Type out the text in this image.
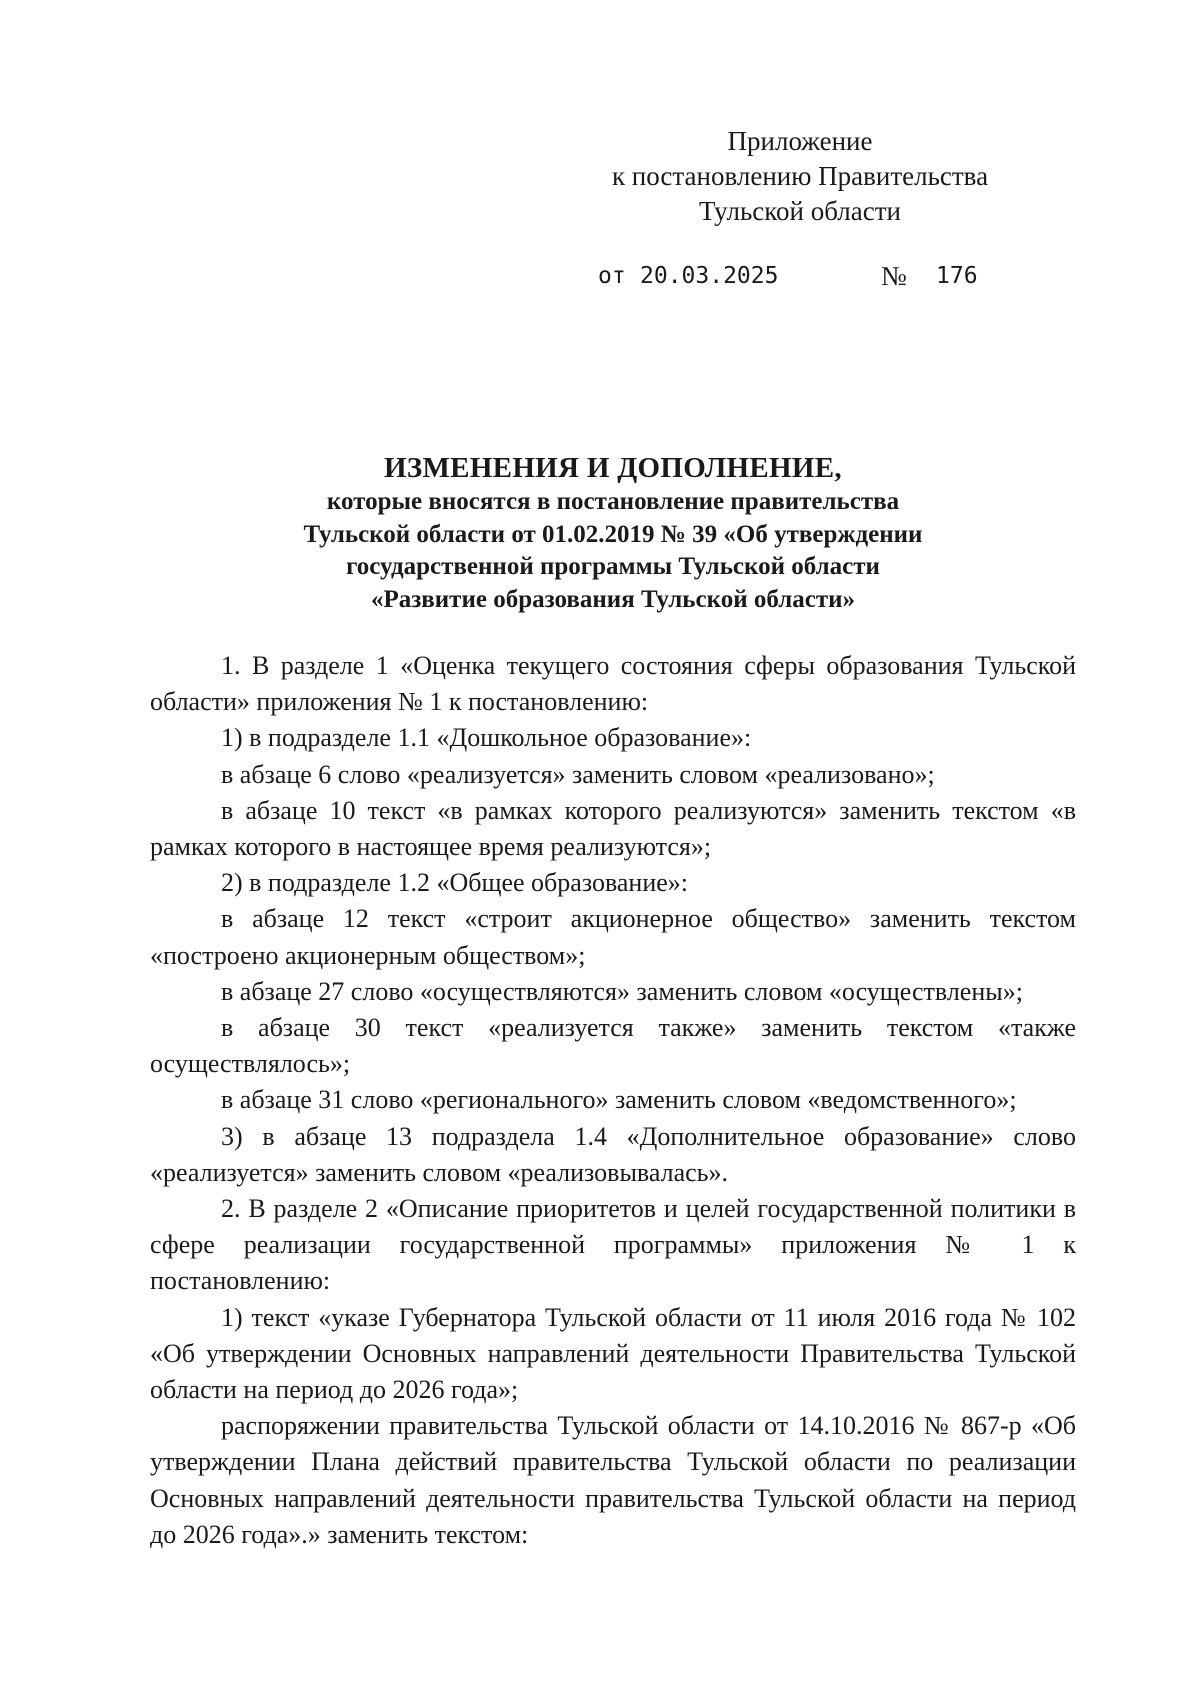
Приложение
к постановлению Правительства
Тульской области
от 20.03.2025	№ 176
ИЗМЕНЕНИЯ И ДОПОЛНЕНИЕ,
которые вносятся в постановление правительства
Тульской области от 01.02.2019 № 39 «Об утверждении
государственной программы Тульской области
«Развитие образования Тульской области»

1. В разделе 1 «Оценка текущего состояния сферы образования Тульской области» приложения № 1 к постановлению:

1) в подразделе 1.1 «Дошкольное образование»:

в абзаце 6 слово «реализуется» заменить словом «реализовано»;

в абзаце 10 текст «в рамках которого реализуются» заменить текстом «в рамках которого в настоящее время реализуются»;

2) в подразделе 1.2 «Общее образование»:

в абзаце 12 текст «строит акционерное общество» заменить текстом «построено акционерным обществом»;

в абзаце 27 слово «осуществляются» заменить словом «осуществлены»;

в абзаце 30 текст «реализуется также» заменить текстом «также осуществлялось»;

в абзаце 31 слово «регионального» заменить словом «ведомственного»;

3) в абзаце 13 подраздела 1.4 «Дополнительное образование» слово «реализуется» заменить словом «реализовывалась».

2. В разделе 2 «Описание приоритетов и целей государственной политики в сфере реализации государственной программы» приложения № 1 к постановлению:

1) текст «указе Губернатора Тульской области от 11 июля 2016 года № 102 «Об утверждении Основных направлений деятельности Правительства Тульской области на период до 2026 года»;

распоряжении правительства Тульской области от 14.10.2016 № 867-р «Об утверждении Плана действий правительства Тульской области по реализации Основных направлений деятельности правительства Тульской области на период до 2026 года».» заменить текстом:
